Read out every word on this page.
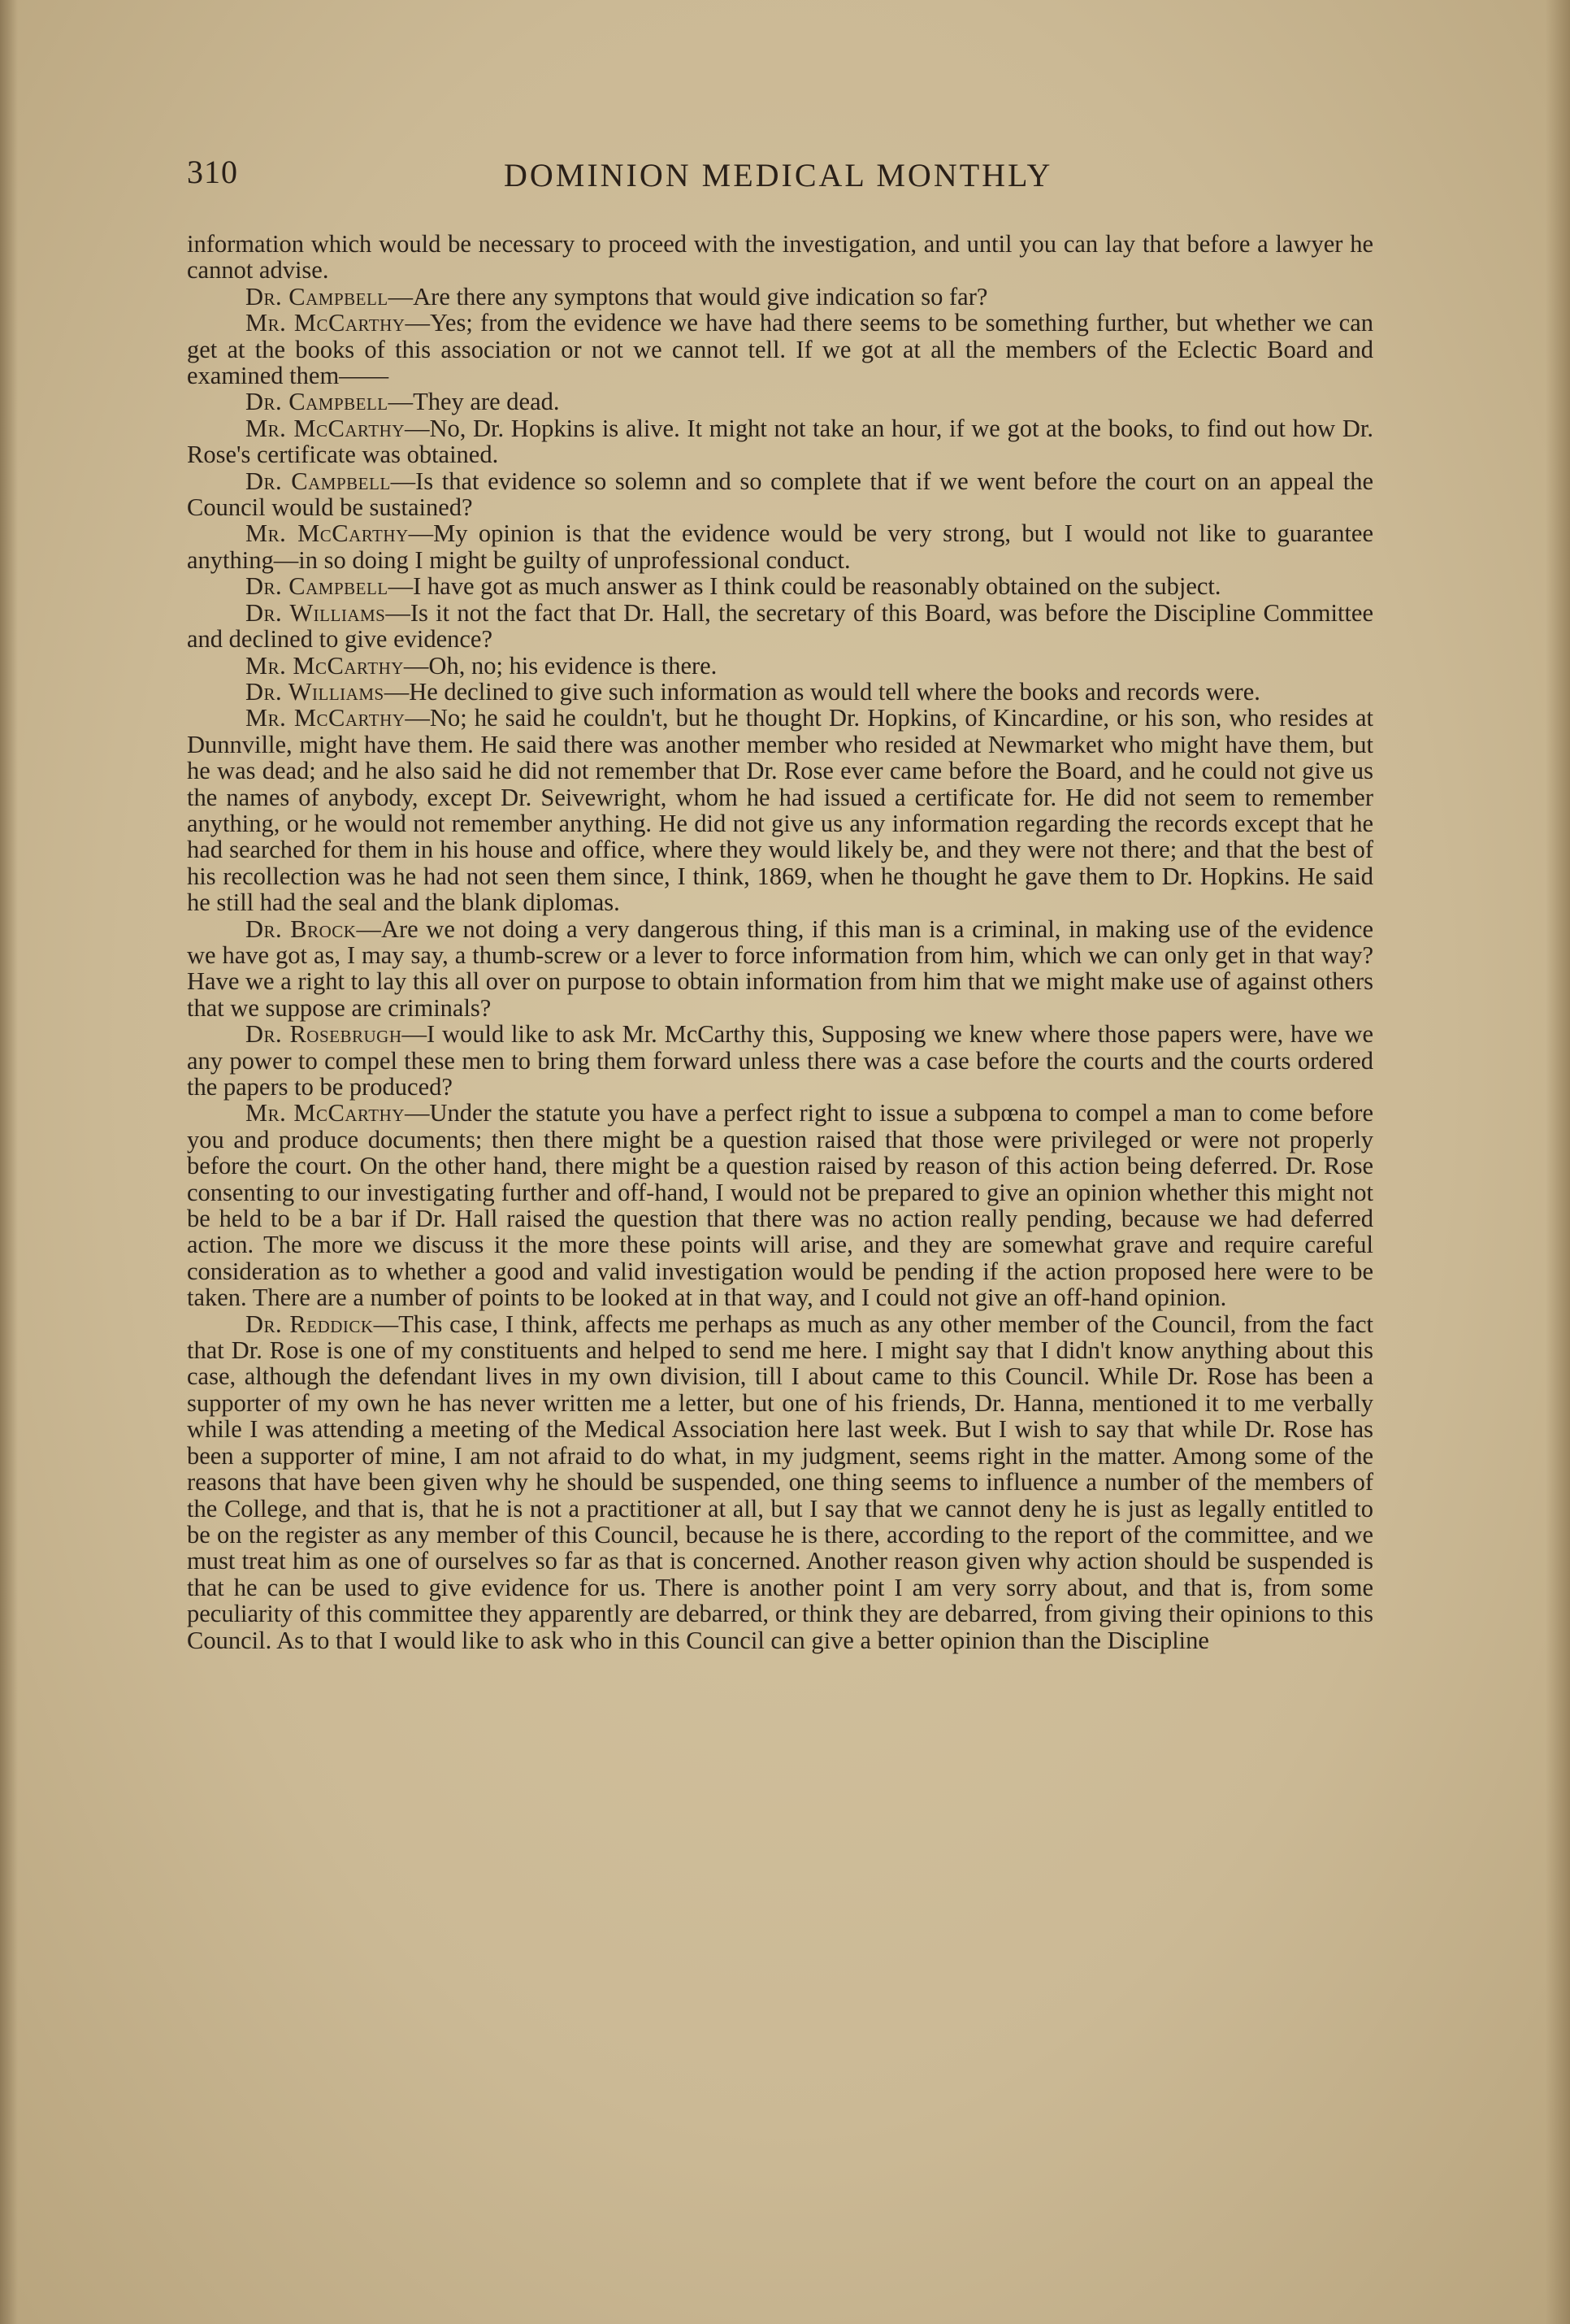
310	DOMINION MEDICAL MONTHLY

information which would be necessary to proceed with the investigation, and until you can lay that before a lawyer he cannot advise.

Dr. Campbell—Are there any symptons that would give indication so far?

Mr. McCarthy—Yes; from the evidence we have had there seems to be something further, but whether we can get at the books of this association or not we cannot tell. If we got at all the members of the Eclectic Board and examined them——

Dr. Campbell—They are dead.

Mr. McCarthy—No, Dr. Hopkins is alive. It might not take an hour, if we got at the books, to find out how Dr. Rose's certificate was obtained.

Dr. Campbell—Is that evidence so solemn and so complete that if we went before the court on an appeal the Council would be sustained?

Mr. McCarthy—My opinion is that the evidence would be very strong, but I would not like to guarantee anything—in so doing I might be guilty of unprofessional conduct.

Dr. Campbell—I have got as much answer as I think could be reasonably obtained on the subject.

Dr. Williams—Is it not the fact that Dr. Hall, the secretary of this Board, was before the Discipline Committee and declined to give evidence?

Mr. McCarthy—Oh, no; his evidence is there.

Dr. Williams—He declined to give such information as would tell where the books and records were.

Mr. McCarthy—No; he said he couldn't, but he thought Dr. Hopkins, of Kincardine, or his son, who resides at Dunnville, might have them. He said there was another member who resided at Newmarket who might have them, but he was dead; and he also said he did not remember that Dr. Rose ever came before the Board, and he could not give us the names of anybody, except Dr. Seivewright, whom he had issued a certificate for. He did not seem to remember anything, or he would not remember anything. He did not give us any information regarding the records except that he had searched for them in his house and office, where they would likely be, and they were not there; and that the best of his recollection was he had not seen them since, I think, 1869, when he thought he gave them to Dr. Hopkins. He said he still had the seal and the blank diplomas.

Dr. Brock—Are we not doing a very dangerous thing, if this man is a criminal, in making use of the evidence we have got as, I may say, a thumb-screw or a lever to force information from him, which we can only get in that way? Have we a right to lay this all over on purpose to obtain information from him that we might make use of against others that we suppose are criminals?

Dr. Rosebrugh—I would like to ask Mr. McCarthy this, Supposing we knew where those papers were, have we any power to compel these men to bring them forward unless there was a case before the courts and the courts ordered the papers to be produced?

Mr. McCarthy—Under the statute you have a perfect right to issue a subpœna to compel a man to come before you and produce documents; then there might be a question raised that those were privileged or were not properly before the court. On the other hand, there might be a question raised by reason of this action being deferred. Dr. Rose consenting to our investigating further and off-hand, I would not be prepared to give an opinion whether this might not be held to be a bar if Dr. Hall raised the question that there was no action really pending, because we had deferred action. The more we discuss it the more these points will arise, and they are somewhat grave and require careful consideration as to whether a good and valid investigation would be pending if the action proposed here were to be taken. There are a number of points to be looked at in that way, and I could not give an off-hand opinion.

Dr. Reddick—This case, I think, affects me perhaps as much as any other member of the Council, from the fact that Dr. Rose is one of my constituents and helped to send me here. I might say that I didn't know anything about this case, although the defendant lives in my own division, till I about came to this Council. While Dr. Rose has been a supporter of my own he has never written me a letter, but one of his friends, Dr. Hanna, mentioned it to me verbally while I was attending a meeting of the Medical Association here last week. But I wish to say that while Dr. Rose has been a supporter of mine, I am not afraid to do what, in my judgment, seems right in the matter. Among some of the reasons that have been given why he should be suspended, one thing seems to influence a number of the members of the College, and that is, that he is not a practitioner at all, but I say that we cannot deny he is just as legally entitled to be on the register as any member of this Council, because he is there, according to the report of the committee, and we must treat him as one of ourselves so far as that is concerned. Another reason given why action should be suspended is that he can be used to give evidence for us. There is another point I am very sorry about, and that is, from some peculiarity of this committee they apparently are debarred, or think they are debarred, from giving their opinions to this Council. As to that I would like to ask who in this Council can give a better opinion than the Discipline
